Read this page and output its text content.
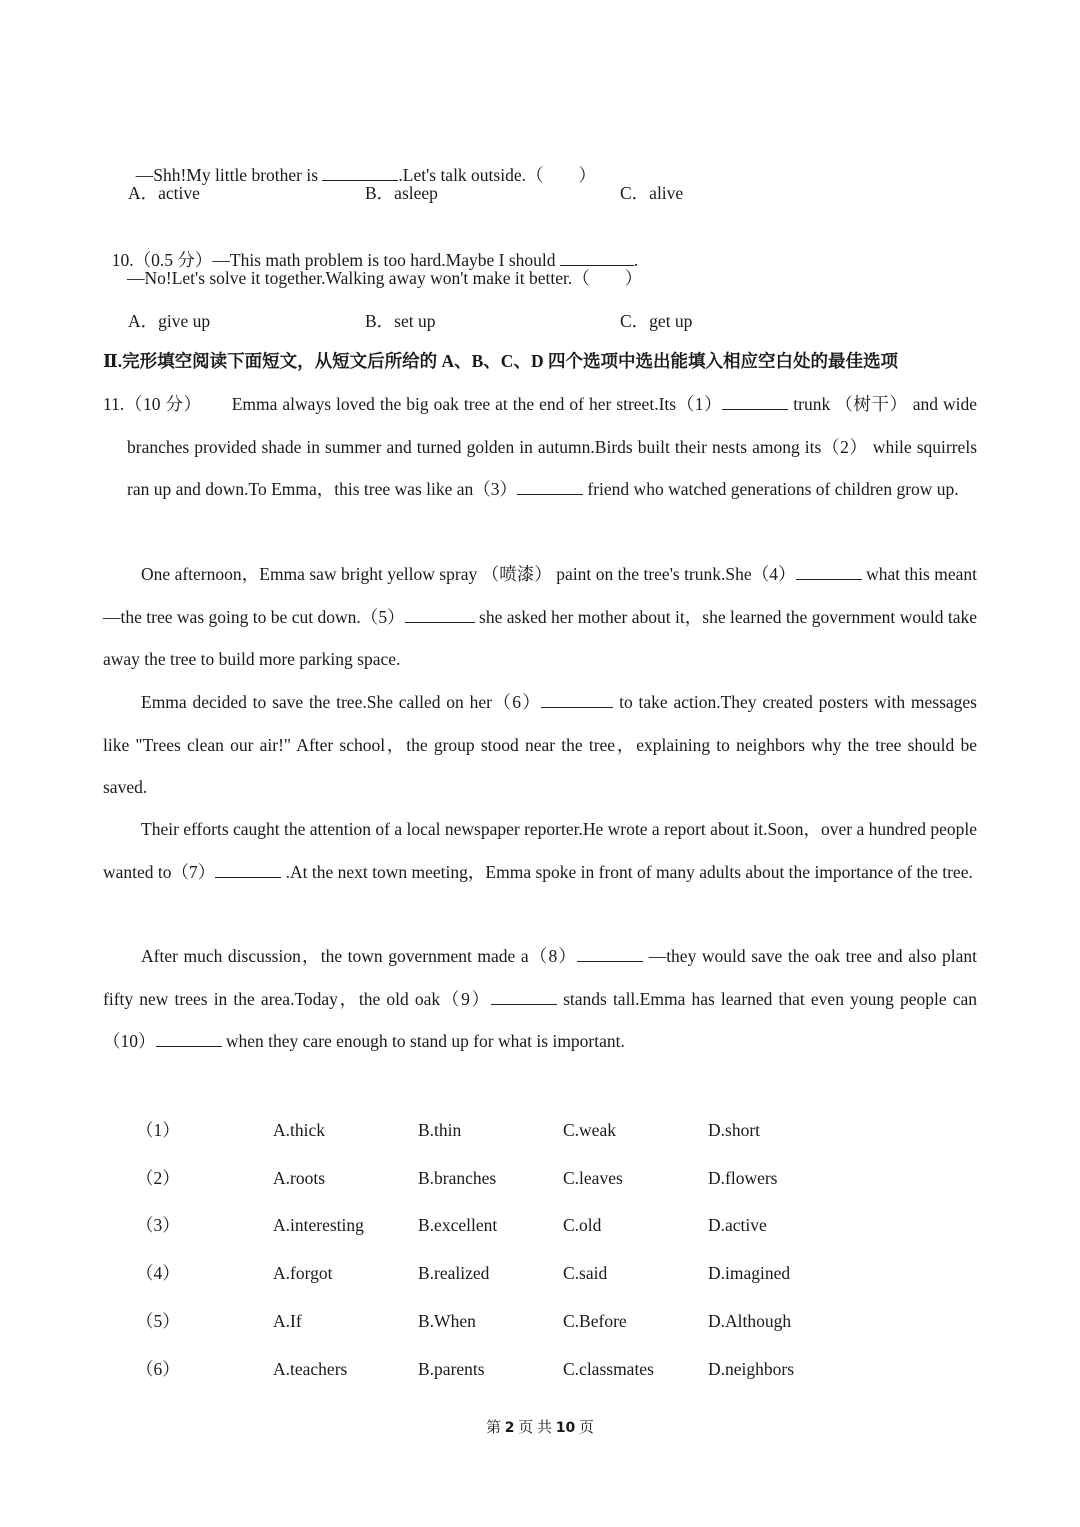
—Shh!My little brother is	.Let's talk outside.（　　）

A．active	B．asleep	C．alive

10.（0.5 分）—This math problem is too hard.Maybe I should	.

—No!Let's solve it together.Walking away won't make it better.（　　）
A．give up	B．set up	C．get up
Ⅱ.完形填空阅读下面短文，从短文后所给的 A、B、C、D 四个选项中选出能填入相应空白处的最佳选项

11.（10 分） Emma always loved the big oak tree at the end of her street.Its（1）	trunk （树干） and wide branches provided shade in summer and turned golden in autumn.Birds built their nests among its（2） while squirrels ran up and down.To Emma，this tree was like an（3）	friend who watched generations of children grow up.

One afternoon，Emma saw bright yellow spray （喷漆） paint on the tree's trunk.She（4）	what this meant—the tree was going to be cut down.（5）	she asked her mother about it，she learned the government would take away the tree to build more parking space.

Emma decided to save the tree.She called on her（6）	to take action.They created posters with messages like "Trees clean our air!" After school，the group stood near the tree，explaining to neighbors why the tree should be saved.

Their efforts caught the attention of a local newspaper reporter.He wrote a report about it.Soon，over a hundred people wanted to（7）	.At the next town meeting，Emma spoke in front of many adults about the importance of the tree.

After much discussion，the town government made a（8）	—they would save the oak tree and also plant fifty new trees in the area.Today，the old oak（9）	stands tall.Emma has learned that even young people can（10）	when they care enough to stand up for what is important.

（1）	A.thick	B.thin	C.weak	D.short
（2）	A.roots	B.branches	C.leaves	D.flowers
（3）	A.interesting	B.excellent	C.old	D.active
（4）	A.forgot	B.realized	C.said	D.imagined
（5）	A.If	B.When	C.Before	D.Although
（6）	A.teachers	B.parents	C.classmates	D.neighbors
第 2 页 共 10 页
